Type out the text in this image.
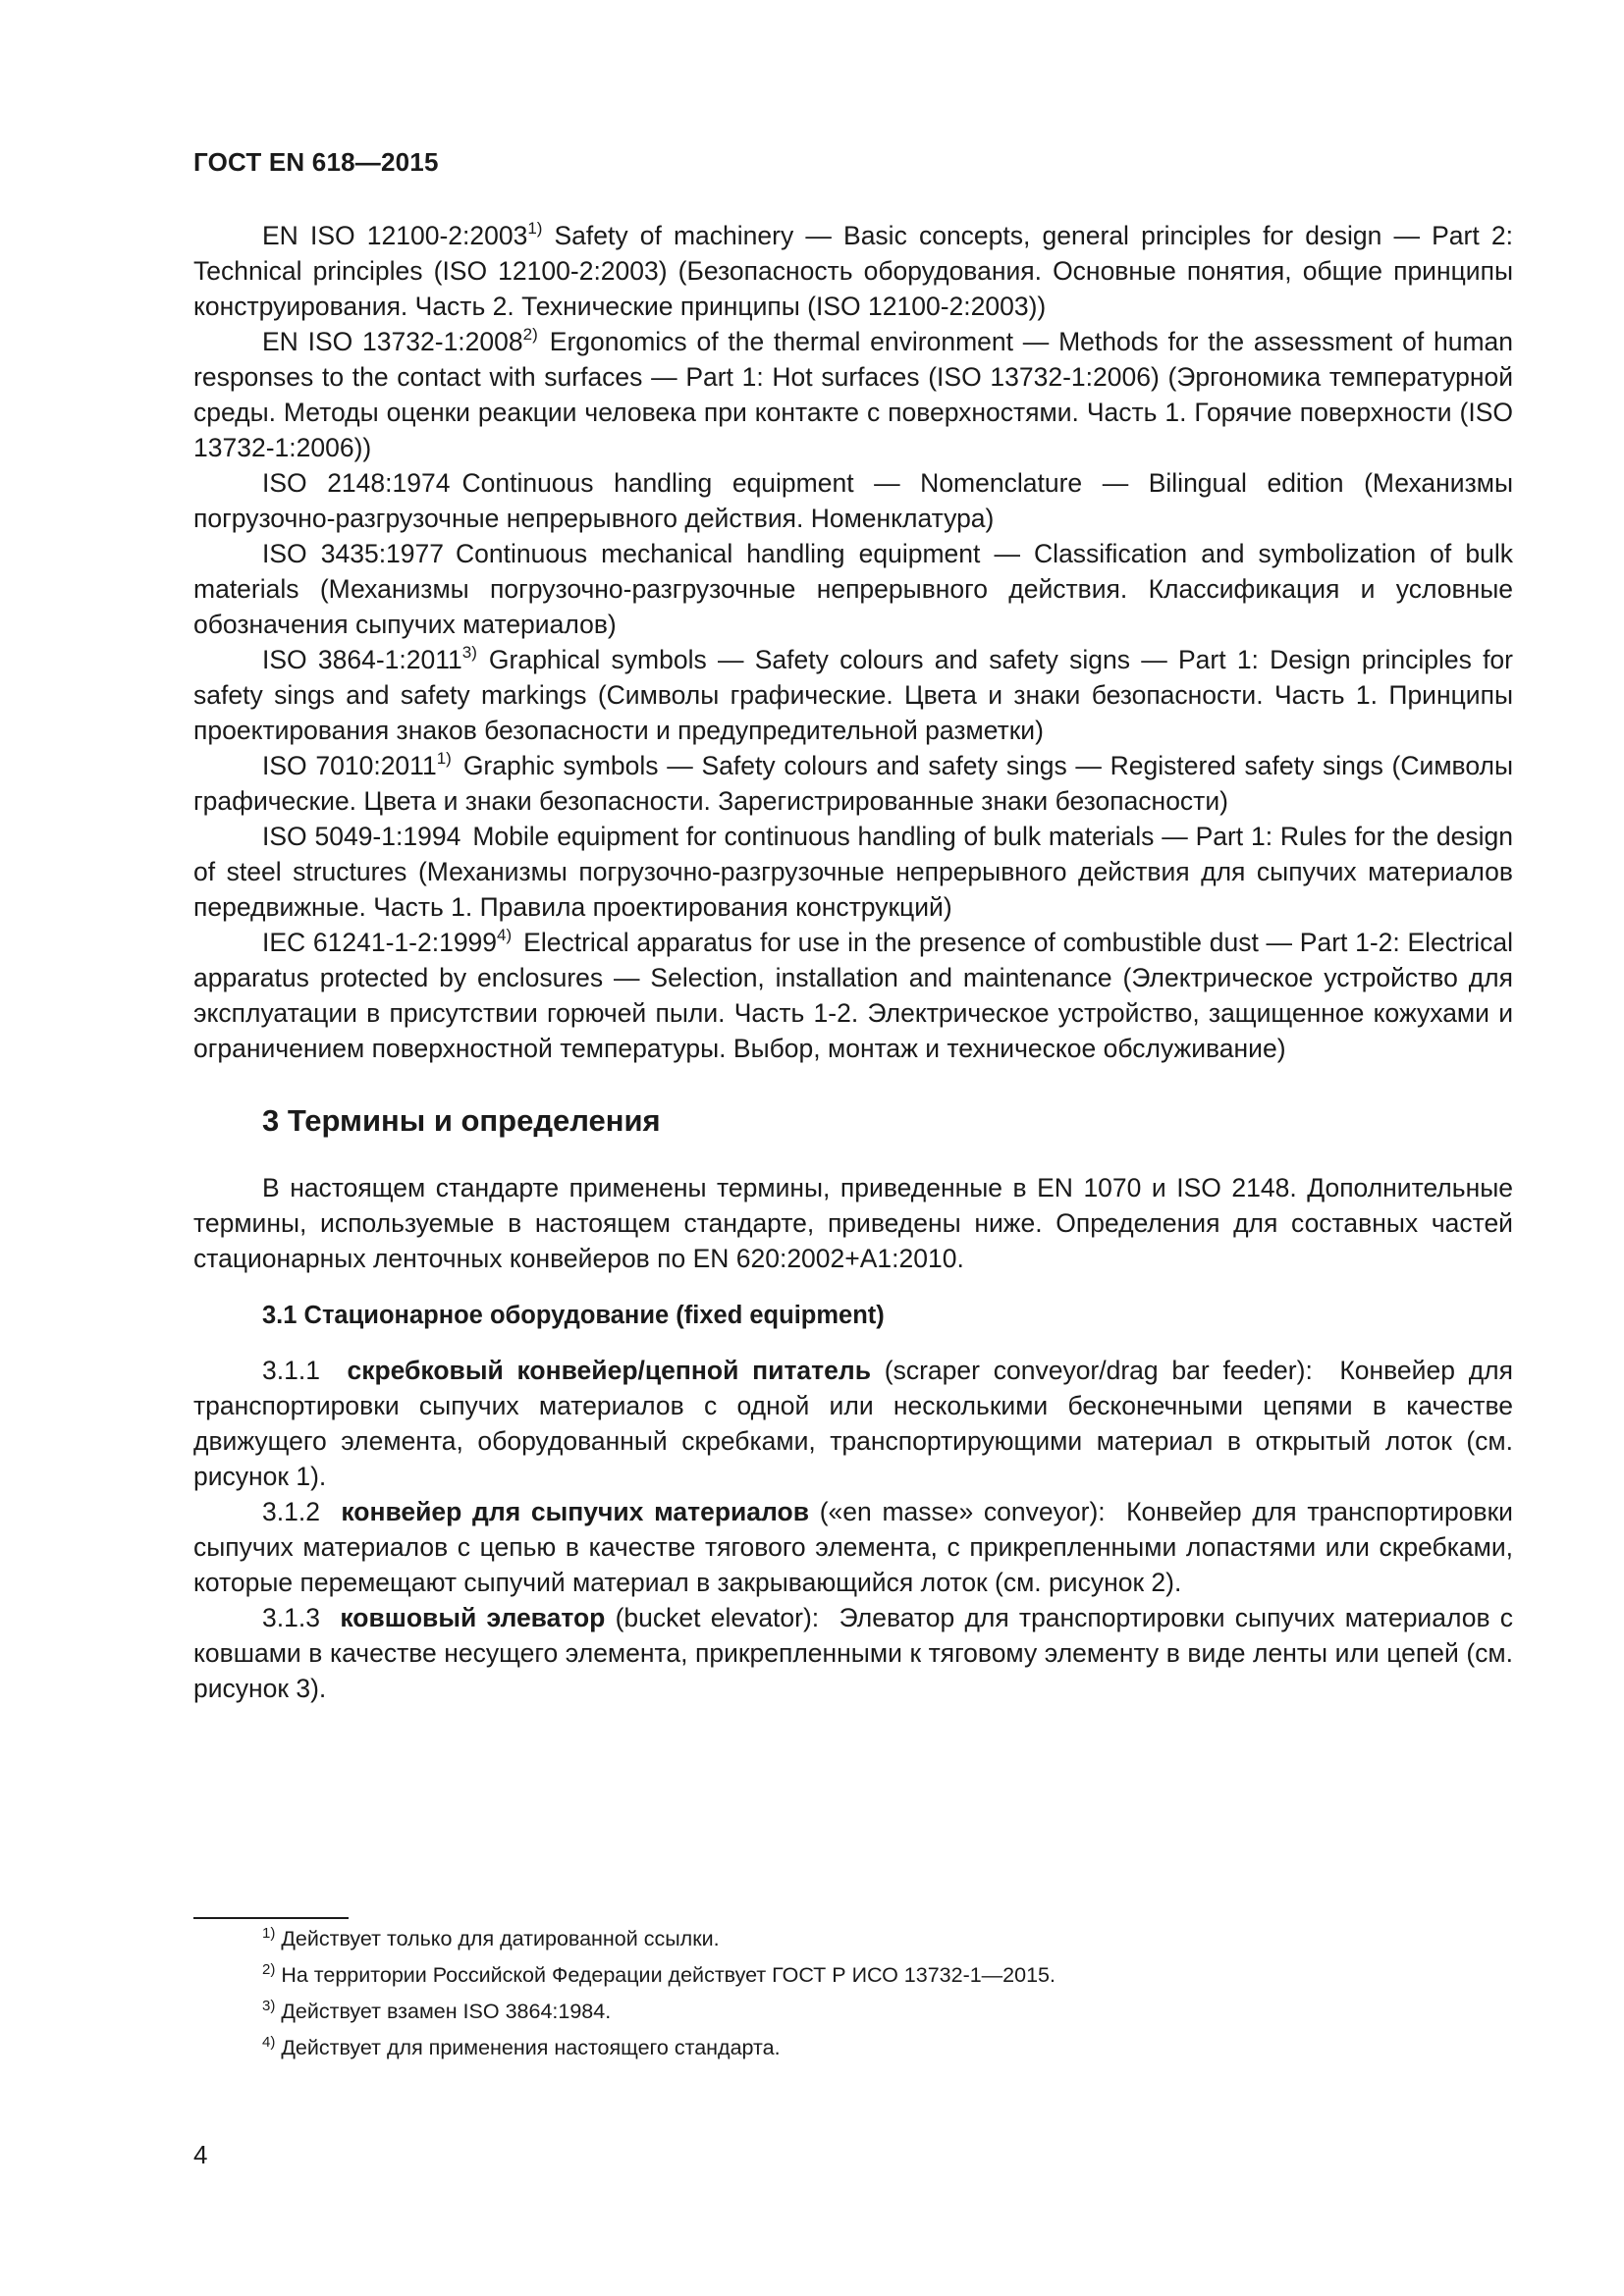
ГОСТ EN 618—2015

EN ISO 12100-2:2003$^{1)}$ Safety of machinery — Basic concepts, general principles for design — Part 2: Technical principles (ISO 12100-2:2003) (Безопасность оборудования. Основные понятия, общие принципы конструирования. Часть 2. Технические принципы (ISO 12100-2:2003))

EN ISO 13732-1:2008$^{2)}$ Ergonomics of the thermal environment — Methods for the assessment of human responses to the contact with surfaces — Part 1: Hot surfaces (ISO 13732-1:2006) (Эргономика температурной среды. Методы оценки реакции человека при контакте с поверхностями. Часть 1. Горячие поверхности (ISO 13732-1:2006))

ISO 2148:1974 Continuous handling equipment — Nomenclature — Bilingual edition (Механизмы погрузочно-разгрузочные непрерывного действия. Номенклатура)

ISO 3435:1977 Continuous mechanical handling equipment — Classification and symbolization of bulk materials (Механизмы погрузочно-разгрузочные непрерывного действия. Классификация и условные обозначения сыпучих материалов)

ISO 3864-1:2011$^{3)}$ Graphical symbols — Safety colours and safety signs — Part 1: Design principles for safety sings and safety markings (Символы графические. Цвета и знаки безопасности. Часть 1. Принципы проектирования знаков безопасности и предупредительной разметки)

ISO 7010:2011$^{1)}$ Graphic symbols — Safety colours and safety sings — Registered safety sings (Символы графические. Цвета и знаки безопасности. Зарегистрированные знаки безопасности)

ISO 5049-1:1994 Mobile equipment for continuous handling of bulk materials — Part 1: Rules for the design of steel structures (Механизмы погрузочно-разгрузочные непрерывного действия для сыпучих материалов передвижные. Часть 1. Правила проектирования конструкций)

IEC 61241-1-2:1999$^{4)}$ Electrical apparatus for use in the presence of combustible dust — Part 1-2: Electrical apparatus protected by enclosures — Selection, installation and maintenance (Электрическое устройство для эксплуатации в присутствии горючей пыли. Часть 1-2. Электрическое устройство, защищенное кожухами и ограничением поверхностной температуры. Выбор, монтаж и техническое обслуживание)

3 Термины и определения

В настоящем стандарте применены термины, приведенные в EN 1070 и ISO 2148. Дополнительные термины, используемые в настоящем стандарте, приведены ниже. Определения для составных частей стационарных ленточных конвейеров по EN 620:2002+A1:2010.

3.1 Стационарное оборудование (fixed equipment)

3.1.1 скребковый конвейер/цепной питатель (scraper conveyor/drag bar feeder): Конвейер для транспортировки сыпучих материалов с одной или несколькими бесконечными цепями в качестве движущего элемента, оборудованный скребками, транспортирующими материал в открытый лоток (см. рисунок 1).

3.1.2 конвейер для сыпучих материалов («en masse» conveyor): Конвейер для транспортировки сыпучих материалов с цепью в качестве тягового элемента, с прикрепленными лопастями или скребками, которые перемещают сыпучий материал в закрывающийся лоток (см. рисунок 2).

3.1.3 ковшовый элеватор (bucket elevator): Элеватор для транспортировки сыпучих материалов с ковшами в качестве несущего элемента, прикрепленными к тяговому элементу в виде ленты или цепей (см. рисунок 3).

$^{1)}$ Действует только для датированной ссылки.

$^{2)}$ На территории Российской Федерации действует ГОСТ Р ИСО 13732-1—2015.

$^{3)}$ Действует взамен ISO 3864:1984.

$^{4)}$ Действует для применения настоящего стандарта.

4
